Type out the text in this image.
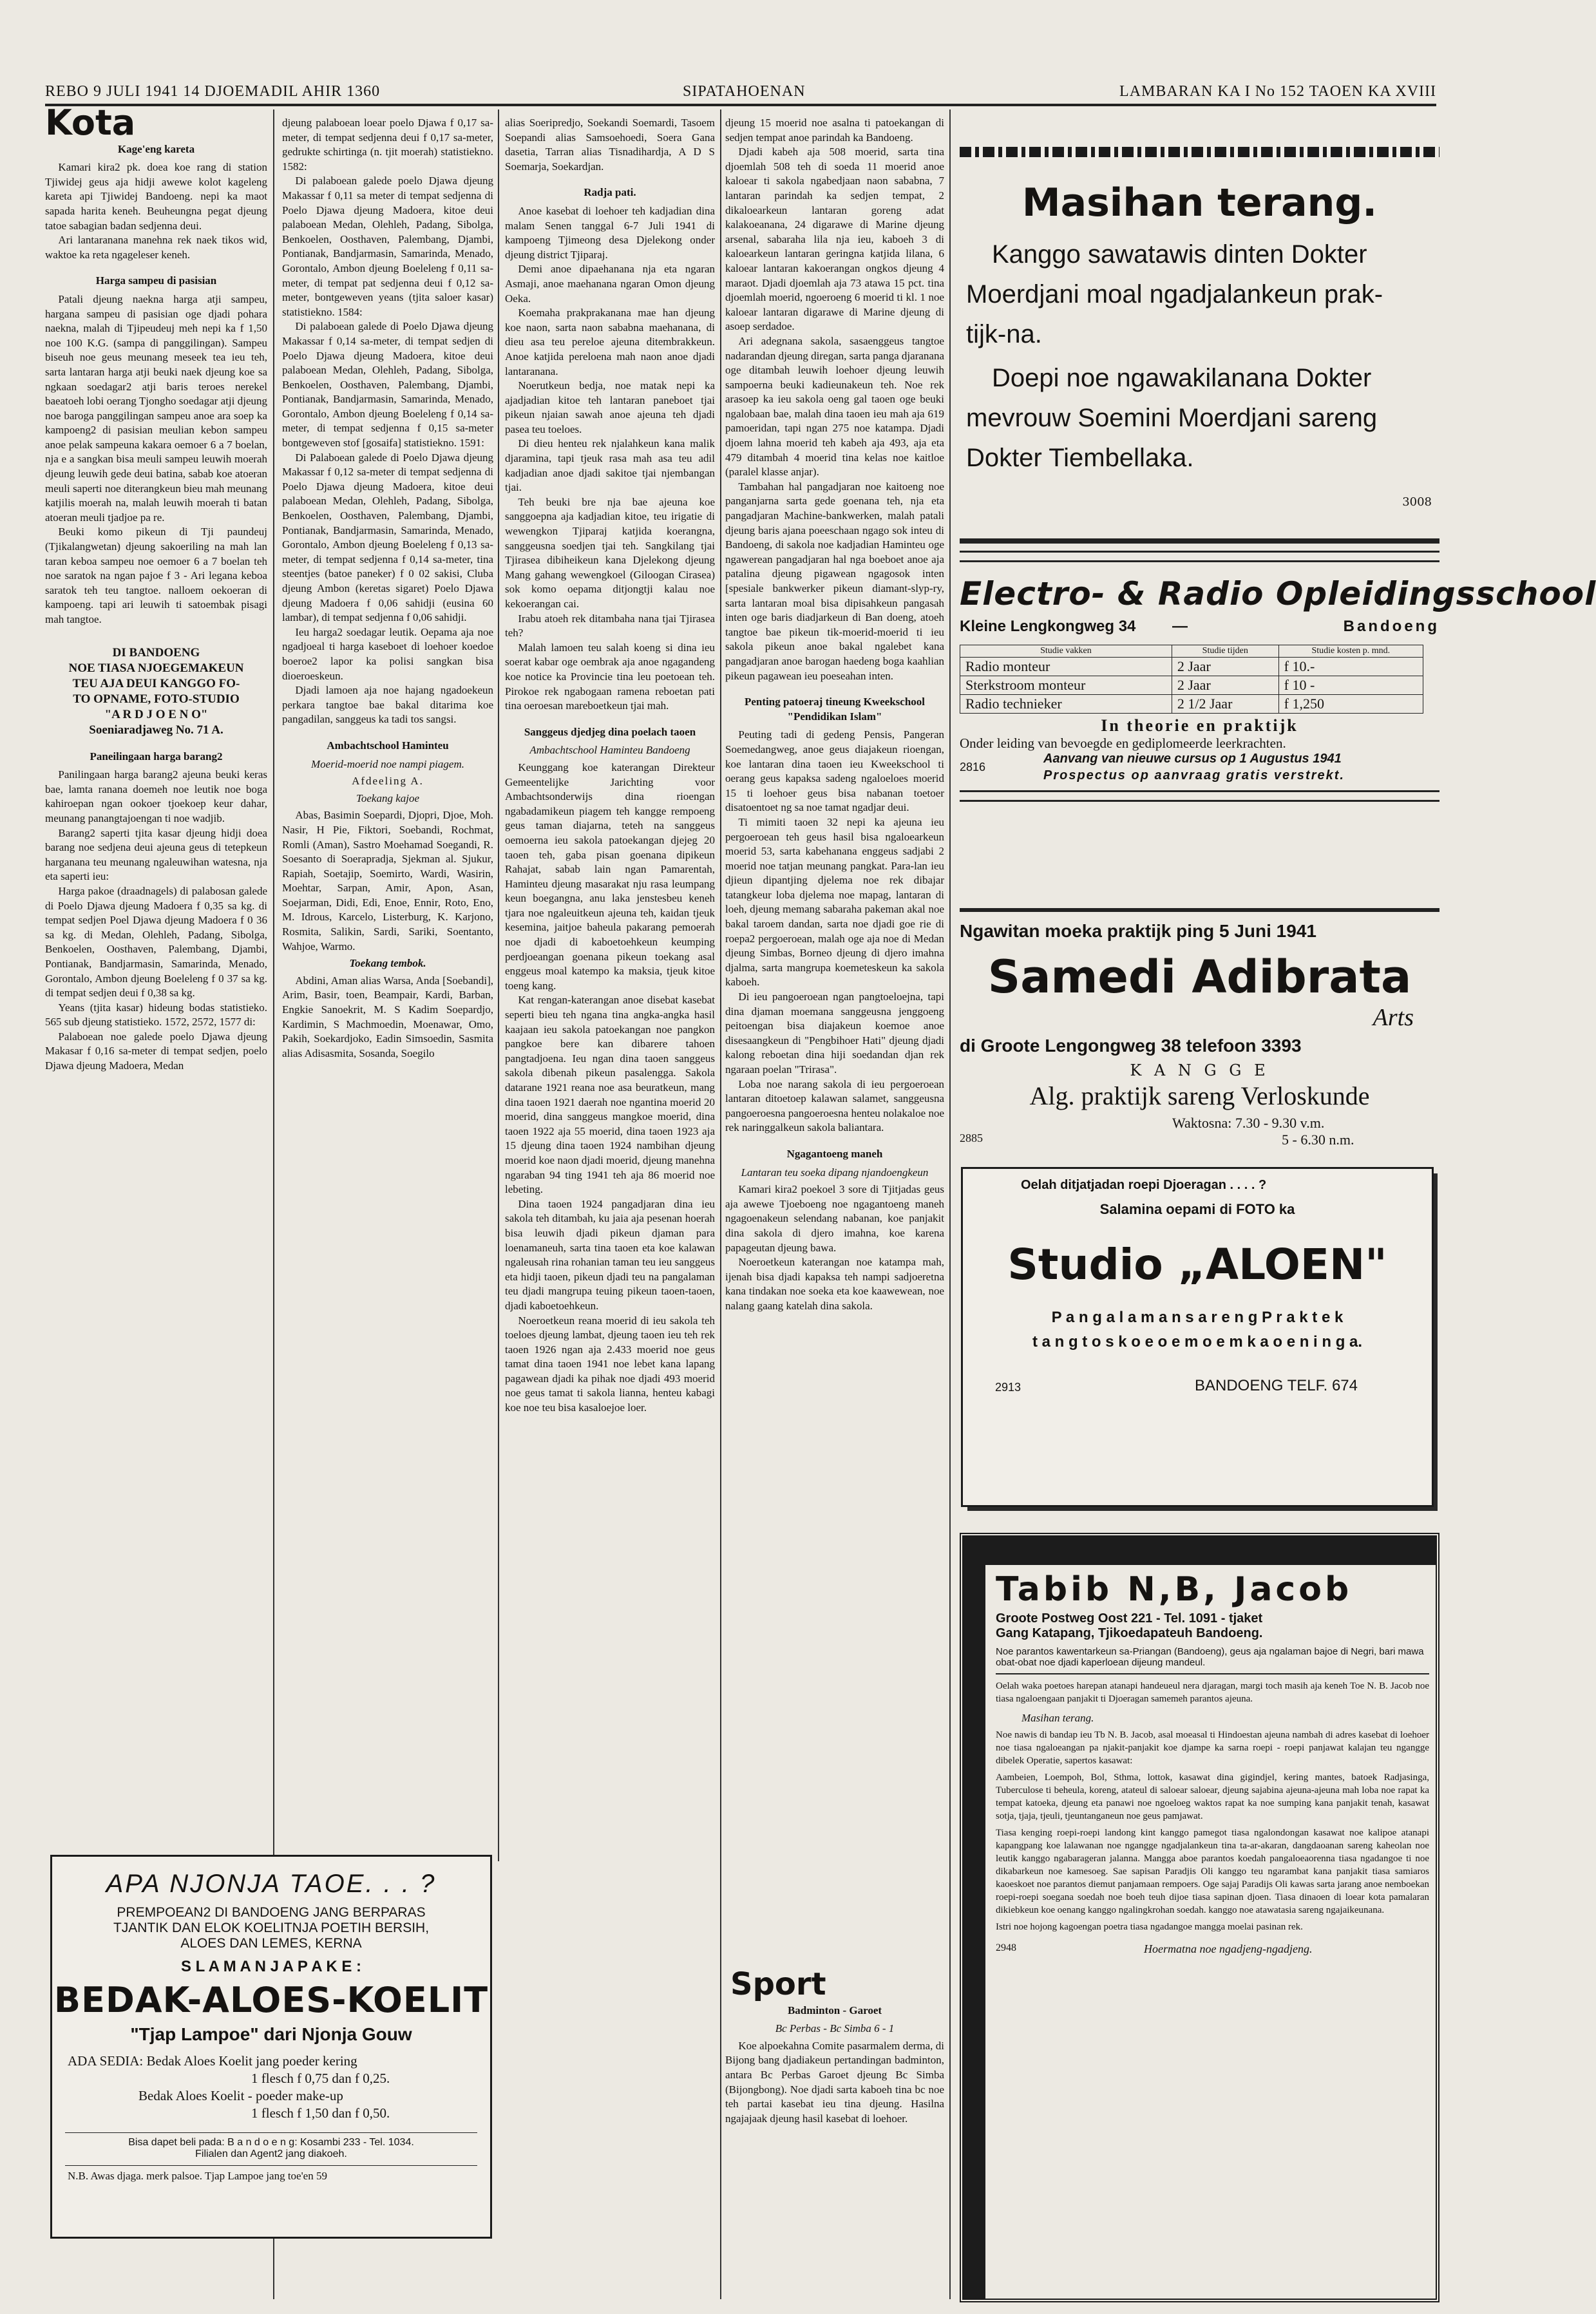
REBO 9 JULI 1941 14 DJOEMADIL AHIR 1360	SIPATAHOENAN	LAMBARAN KA I No 152 TAOEN KA XVIII
Kota

Kage'eng kareta

Kamari kira2 pk. doea koe rang di station Tjiwidej geus aja hidji awewe kolot kageleng kareta api Tjiwidej Bandoeng. nepi ka maot sapada harita keneh. Beuheungna pegat djeung tatoe sabagian badan sedjenna deui.

Ari lantaranana manehna rek naek tikos wid, waktoe ka reta ngageleser keneh.

Harga sampeu di pasisian

Patali djeung naekna harga atji sampeu, hargana sampeu di pasisian oge djadi pohara naekna, malah di Tjipeudeuj meh nepi ka f 1,50 noe 100 K.G. (sampa di panggilingan). Sampeu biseuh noe geus meunang meseek tea ieu teh, sarta lantaran harga atji beuki naek djeung koe sa ngkaan soedagar2 atji baris teroes nerekel baeatoeh lobi oerang Tjongho soedagar atji djeung noe baroga panggilingan sampeu anoe ara soep ka kampoeng2 di pasisian meulian kebon sampeu anoe pelak sampeuna kakara oemoer 6 a 7 boelan, nja e a sangkan bisa meuli sampeu leuwih moerah djeung leuwih gede deui batina, sabab koe atoeran meuli saperti noe diterangkeun bieu mah meunang katjilis moerah na, malah leuwih moerah ti batan atoeran meuli tjadjoe pa re.

Beuki komo pikeun di Tji paundeuj (Tjikalangwetan) djeung sakoeriling na mah lan taran keboa sampeu noe oemoer 6 a 7 boelan teh noe saratok na ngan pajoe f 3 - Ari legana keboa saratok teh teu tangtoe. nalloem oekoeran di kampoeng. tapi ari leuwih ti satoembak pisagi mah tangtoe.

DI BANDOENG
NOE TIASA NJOEGEMAKEUN
TEU AJA DEUI KANGGO FO-
TO OPNAME, FOTO-STUDIO
"A R D J O E N O"
Soeniaradjaweg No. 71 A.

Paneilingaan harga barang2

Panilingaan harga barang2 ajeuna beuki keras bae, lamta ranana doemeh noe leutik noe boga kahiroepan ngan ookoer tjoekoep keur dahar, meunang panangtajoengan ti noe wadjib.

Barang2 saperti tjita kasar djeung hidji doea barang noe sedjena deui ajeuna geus di tetepkeun harganana teu meunang ngaleuwihan watesna, nja eta saperti ieu:

Harga pakoe (draadnagels) di palabosan galede di Poelo Djawa djeung Madoera f 0,35 sa kg. di tempat sedjen Poel Djawa djeung Madoera f 0 36 sa kg. di Medan, Olehleh, Padang, Sibolga, Benkoelen, Oosthaven, Palembang, Djambi, Pontianak, Bandjarmasin, Samarinda, Menado, Gorontalo, Ambon djeung Boeleleng f 0 37 sa kg. di tempat sedjen deui f 0,38 sa kg.

Yeans (tjita kasar) hideung bodas statistieko. 565 sub djeung statistieko. 1572, 2572, 1577 di:

Palaboean noe galede poelo Djawa djeung Makasar f 0,16 sa-meter di tempat sedjen, poelo Djawa djeung Madoera, Medan

djeung palaboean loear poelo Djawa f 0,17 sa-meter, di tempat sedjenna deui f 0,17 sa-meter, gedrukte schirtinga (n. tjit moerah) statistiekno. 1582:

Di palaboean galede poelo Djawa djeung Makassar f 0,11 sa meter di tempat sedjenna di Poelo Djawa djeung Madoera, kitoe deui palaboean Medan, Olehleh, Padang, Sibolga, Benkoelen, Oosthaven, Palembang, Djambi, Pontianak, Bandjarmasin, Samarinda, Menado, Gorontalo, Ambon djeung Boeleleng f 0,11 sa-meter, di tempat pat sedjenna deui f 0,12 sa-meter, bontgeweven yeans (tjita saloer kasar) statistiekno. 1584:

Di palaboean galede di Poelo Djawa djeung Makassar f 0,14 sa-meter, di tempat sedjen di Poelo Djawa djeung Madoera, kitoe deui palaboean Medan, Olehleh, Padang, Sibolga, Benkoelen, Oosthaven, Palembang, Djambi, Pontianak, Bandjarmasin, Samarinda, Menado, Gorontalo, Ambon djeung Boeleleng f 0,14 sa-meter, di tempat sedjenna f 0,15 sa-meter bontgeweven stof [gosaifa] statistiekno. 1591:

Di Palaboean galede di Poelo Djawa djeung Makassar f 0,12 sa-meter di tempat sedjenna di Poelo Djawa djeung Madoera, kitoe deui palaboean Medan, Olehleh, Padang, Sibolga, Benkoelen, Oosthaven, Palembang, Djambi, Pontianak, Bandjarmasin, Samarinda, Menado, Gorontalo, Ambon djeung Boeleleng f 0,13 sa-meter, di tempat sedjenna f 0,14 sa-meter, tina steentjes (batoe paneker) f 0 02 sakisi, Cluba djeung Ambon (keretas sigaret) Poelo Djawa djeung Madoera f 0,06 sahidji (eusina 60 lambar), di tempat sedjenna f 0,06 sahidji.

Ieu harga2 soedagar leutik. Oepama aja noe ngadjoeal ti harga kaseboet di loehoer koedoe boeroe2 lapor ka polisi sangkan bisa dioeroeskeun.

Djadi lamoen aja noe hajang ngadoekeun perkara tangtoe bae bakal ditarima koe pangadilan, sanggeus ka tadi tos sangsi.

Ambachtschool Haminteu

Moerid-moerid noe nampi piagem.

Afdeeling A.

Toekang kajoe

Abas, Basimin Soepardi, Djopri, Djoe, Moh. Nasir, H Pie, Fiktori, Soebandi, Rochmat, Romli (Aman), Sastro Moehamad Soegandi, R. Soesanto di Soerapradja, Sjekman al. Sjukur, Rapiah, Soetajip, Soemirto, Wardi, Wasirin, Moehtar, Sarpan, Amir, Apon, Asan, Soejarman, Didi, Edi, Enoe, Ennir, Roto, Eno, M. Idrous, Karcelo, Listerburg, K. Karjono, Rosmita, Salikin, Sardi, Sariki, Soentanto, Wahjoe, Warmo.

Toekang tembok.

Abdini, Aman alias Warsa, Anda [Soebandi], Arim, Basir, toen, Beampair, Kardi, Barban, Engkie Sanoekrit, M. S Kadim Soepardjo, Kardimin, S Machmoedin, Moenawar, Omo, Pakih, Soekardjoko, Eadin Simsoedin, Sasmita alias Adisasmita, Sosanda, Soegilo

APA NJONJA TAOE. . . ?
PREMPOEAN2 DI BANDOENG JANG BERPARAS
TJANTIK DAN ELOK KOELITNJA POETIH BERSIH,
ALOES DAN LEMES, KERNA
S L A M A N J A P A K E :
BEDAK-ALOES-KOELIT
"Tjap Lampoe" dari Njonja Gouw
ADA SEDIA: Bedak Aloes Koelit jang poeder kering
1 flesch f 0,75 dan f 0,25.
Bedak Aloes Koelit - poeder make-up
1 flesch f 1,50 dan f 0,50.
Bisa dapet beli pada: B a n d o e n g: Kosambi 233 - Tel. 1034.
Filialen dan Agent2 jang diakoeh.
N.B. Awas djaga. merk palsoe. Tjap Lampoe jang toe'en 59

alias Soeripredjo, Soekandi Soemardi, Tasoem Soepandi alias Samsoehoedi, Soera Gana dasetia, Tarran alias Tisnadihardja, A D S Soemarja, Soekardjan.

Radja pati.

Anoe kasebat di loehoer teh kadjadian dina malam Senen tanggal 6-7 Juli 1941 di kampoeng Tjimeong desa Djelekong onder djeung district Tjiparaj.

Demi anoe dipaehanana nja eta ngaran Asmaji, anoe maehanana ngaran Omon djeung Oeka.

Koemaha prakprakanana mae han djeung koe naon, sarta naon sababna maehanana, di dieu asa teu pereloe ajeuna ditembrakkeun. Anoe katjida pereloena mah naon anoe djadi lantaranana.

Noerutkeun bedja, noe matak nepi ka ajadjadian kitoe teh lantaran paneboet tjai pikeun njaian sawah anoe ajeuna teh djadi pasea teu toeloes.

Di dieu henteu rek njalahkeun kana malik djaramina, tapi tjeuk rasa mah asa teu adil kadjadian anoe djadi sakitoe tjai njembangan tjai.

Teh beuki bre nja bae ajeuna koe sanggoepna aja kadjadian kitoe, teu irigatie di wewengkon Tjiparaj katjida koerangna, sanggeusna soedjen tjai teh. Sangkilang tjai Tjirasea dibiheikeun kana Djelekong djeung Mang gahang wewengkoel (Giloogan Cirasea) sok komo oepama ditjongtji kalau noe kekoerangan cai.

Irabu atoeh rek ditambaha nana tjai Tjirasea teh?

Malah lamoen teu salah koeng si dina ieu soerat kabar oge oembrak aja anoe ngagandeng koe notice ka Provincie tina leu poetoean teh. Pirokoe rek ngabogaan ramena reboetan pati tina oeroesan mareboetkeun tjai mah.

Sanggeus djedjeg dina poelach taoen

Ambachtschool Haminteu Bandoeng

Keunggang koe katerangan Direkteur Gemeentelijke Jarichting voor Ambachtsonderwijs dina rioengan ngabadamikeun piagem teh kangge rempoeng geus taman diajarna, teteh na sanggeus oemoerna ieu sakola patoekangan djejeg 20 taoen teh, gaba pisan goenana dipikeun Rahajat, sabab lain ngan Pamarentah, Haminteu djeung masarakat nju rasa leumpang keun boegangna, anu laka jenstesbeu keneh tjara noe ngaleuitkeun ajeuna teh, kaidan tjeuk kesemina, jaitjoe baheula pakarang pemoerah noe djadi di kaboetoehkeun keumping perdjoeangan goenana pikeun toekang asal enggeus moal katempo ka maksia, tjeuk kitoe toeng kang.

Kat rengan-katerangan anoe disebat kasebat seperti bieu teh ngana tina angka-angka hasil kaajaan ieu sakola patoekangan noe pangkon pangkoe bere kan dibarere tahoen pangtadjoena. Ieu ngan dina taoen sanggeus sakola dibenah pikeun pasalengga. Sakola datarane 1921 reana noe asa beuratkeun, mang dina taoen 1921 daerah noe ngantina moerid 20 moerid, dina sanggeus mangkoe moerid, dina taoen 1922 aja 55 moerid, dina taoen 1923 aja 15 djeung dina taoen 1924 nambihan djeung moerid koe naon djadi moerid, djeung manehna ngaraban 94 ting 1941 teh aja 86 moerid noe lebeting.

Dina taoen 1924 pangadjaran dina ieu sakola teh ditambah, ku jaia aja pesenan hoerah bisa leuwih djadi pikeun djaman para loenamaneuh, sarta tina taoen eta koe kalawan ngaleusah rina rohanian taman teu ieu sanggeus eta hidji taoen, pikeun djadi teu na pangalaman teu djadi mangrupa teuing pikeun taoen-taoen, djadi kaboetoehkeun.

Noeroetkeun reana moerid di ieu sakola teh toeloes djeung lambat, djeung taoen ieu teh rek taoen 1926 ngan aja 2.433 moerid noe geus tamat dina taoen 1941 noe lebet kana lapang pagawean djadi ka pihak noe djadi 493 moerid noe geus tamat ti sakola lianna, henteu kabagi koe noe teu bisa kasaloejoe loer.

djeung 15 moerid noe asalna ti patoekangan di sedjen tempat anoe parindah ka Bandoeng.

Djadi kabeh aja 508 moerid, sarta tina djoemlah 508 teh di soeda 11 moerid anoe kaloear ti sakola ngabedjaan naon sababna, 7 lantaran parindah ka sedjen tempat, 2 dikaloearkeun lantaran goreng adat kalakoeanana, 24 digarawe di Marine djeung arsenal, sabaraha lila nja ieu, kaboeh 3 di kaloearkeun lantaran geringna katjida lilana, 6 kaloear lantaran kakoerangan ongkos djeung 4 maraot. Djadi djoemlah aja 73 atawa 15 pct. tina djoemlah moerid, ngoeroeng 6 moerid ti kl. 1 noe kaloear lantaran digarawe di Marine djeung di asoep serdadoe.

Ari adegnana sakola, sasaenggeus tangtoe nadarandan djeung diregan, sarta panga djaranana oge ditambah leuwih loehoer djeung leuwih sampoerna beuki kadieunakeun teh. Noe rek arasoep ka ieu sakola oeng gal taoen oge beuki ngalobaan bae, malah dina taoen ieu mah aja 619 pamoeridan, tapi ngan 275 noe katampa. Djadi djoem lahna moerid teh kabeh aja 493, aja eta 479 ditambah 4 moerid tina kelas noe kaitloe (paralel klasse anjar).

Tambahan hal pangadjaran noe kaitoeng noe panganjarna sarta gede goenana teh, nja eta pangadjaran Machine-bankwerken, malah patali djeung baris ajana poeeschaan ngago sok inteu di Bandoeng, di sakola noe kadjadian Haminteu oge ngawerean pangadjaran hal nga boeboet anoe aja patalina djeung pigawean ngagosok inten [spesiale bankwerker pikeun diamant-slyp-ry, sarta lantaran moal bisa dipisahkeun pangasah inten oge baris diadjarkeun di Ban doeng, atoeh tangtoe bae pikeun tik-moerid-moerid ti ieu sakola pikeun anoe bakal ngalebet kana pangadjaran anoe barogan haedeng boga kaahlian pikeun pagawean ieu poeseahan inten.

Penting patoeraj tineung Kweekschool "Pendidikan Islam"

Peuting tadi di gedeng Pensis, Pangeran Soemedangweg, anoe geus diajakeun rioengan, koe lantaran dina taoen ieu Kweekschool ti oerang geus kapaksa sadeng ngaloeloes moerid 15 ti loehoer geus bisa nabanan toetoer disatoentoet ng sa noe tamat ngadjar deui.

Ti mimiti taoen 32 nepi ka ajeuna ieu pergoeroean teh geus hasil bisa ngaloearkeun moerid 53, sarta kabehanana enggeus sadjabi 2 moerid noe tatjan meunang pangkat. Para-lan ieu djieun dipantjing djelema noe rek dibajar tatangkeur loba djelema noe mapag, lantaran di loeh, djeung memang sabaraha pakeman akal noe bakal taroem dandan, sarta noe djadi goe rie di roepa2 pergoeroean, malah oge aja noe di Medan djeung Simbas, Borneo djeung di djero imahna djalma, sarta mangrupa koemeteskeun ka sakola kaboeh.

Di ieu pangoeroean ngan pangtoeloejna, tapi dina djaman moemana sanggeusna jenggoeng peitoengan bisa diajakeun koemoe anoe disesaangkeun di "Pengbihoer Hati" djeung djadi kalong reboetan dina hiji soedandan djan rek ngaraan poelan "Trirasa".

Loba noe narang sakola di ieu pergoeroean lantaran ditoetoep kalawan salamet, sanggeusna pangoeroesna pangoeroesna henteu nolakaloe noe rek naringgalkeun sakola baliantara.

Ngagantoeng maneh

Lantaran teu soeka dipang njandoengkeun

Kamari kira2 poekoel 3 sore di Tjitjadas geus aja awewe Tjoeboeng noe ngagantoeng maneh ngagoenakeun selendang nabanan, koe panjakit dina sakola di djero imahna, koe karena papageutan djeung bawa.

Noeroetkeun katerangan noe katampa mah, ijenah bisa djadi kapaksa teh nampi sadjoeretna kana tindakan noe soeka eta koe kaawewean, noe nalang gaang katelah dina sakola.

Sport

Badminton - Garoet

Bc Perbas - Bc Simba 6 - 1

Koe alpoekahna Comite pasarmalem derma, di Bijong bang djadiakeun pertandingan badminton, antara Bc Perbas Garoet djeung Bc Simba (Bijongbong). Noe djadi sarta kaboeh tina bc noe teh partai kasebat ieu tina djeung. Hasilna ngajajaak djeung hasil kasebat di loehoer.

Masihan terang.
Kanggo sawatawis dinten Dokter
Moerdjani moal ngadjalankeun prak-
tijk-na.
Doepi noe ngawakilanana Dokter
mevrouw Soemini Moerdjani sareng
Dokter Tiembellaka.
3008
Electro- & Radio Opleidingsschool
Kleine Lengkongweg 34 —	Bandoeng
Studie vakken	Studie tijden	Studie kosten p. mnd.
Radio monteur	2 Jaar	f 10.-
Sterkstroom monteur	2 Jaar	f 10 -
Radio technieker	2 1/2 Jaar	f 1,250
In theorie en praktijk
Onder leiding van bevoegde en gediplomeerde leerkrachten.
2816
Aanvang van nieuwe cursus op 1 Augustus 1941
Prospectus op aanvraag gratis verstrekt.
Ngawitan moeka praktijk ping 5 Juni 1941
Samedi Adibrata
Arts
di Groote Lengongweg 38 telefoon 3393
K A N G G E
Alg. praktijk sareng Verloskunde
2885
Waktosna: 7.30 - 9.30 v.m.
5 - 6.30 n.m.
Oelah ditjatjadan roepi Djoeragan . . . . ?
Salamina oepami di FOTO ka
Studio „ALOEN"
P a n g a l a m a n s a r e n g P r a k t e k
t a n g t o s k o e o e m o e m k a o e n i n g a.
2913	BANDOENG TELF. 674
Tabib N,B, Jacob
Groote Postweg Oost 221 - Tel. 1091 - tjaket
Gang Katapang, Tjikoedapateuh Bandoeng.
Noe parantos kawentarkeun sa-Priangan (Bandoeng), geus aja ngalaman bajoe di Negri, bari mawa obat-obat noe djadi kaperloean dijeung mandeul.
Oelah waka poetoes harepan atanapi handeueul nera djaragan, margi toch masih aja keneh Toe N. B. Jacob noe tiasa ngaloengaan panjakit ti Djoeragan samemeh parantos ajeuna.
Masihan terang.
Noe nawis di bandap ieu Tb N. B. Jacob, asal moeasal ti Hindoestan ajeuna nambah di adres kasebat di loehoer noe tiasa ngaloeangan pa njakit-panjakit koe djampe ka sarna roepi - roepi panjawat kalajan teu ngangge dibelek Operatie, sapertos kasawat:
Aambeien, Loempoh, Bol, Sthma, lottok, kasawat dina gigindjel, kering mantes, batoek Radjasinga, Tuberculose ti beheula, koreng, atateul di saloear saloear, djeung sajabina ajeuna-ajeuna mah loba noe rapat ka tempat katoeka, djeung eta panawi noe ngoeloeg waktos rapat ka noe sumping kana panjakit tenah, kasawat sotja, tjaja, tjeuli, tjeuntanganeun noe geus pamjawat.
Tiasa kenging roepi-roepi landong kint kanggo pamegot tiasa ngalondongan kasawat noe kalipoe atanapi kapangpang koe lalawanan noe ngangge ngadjalankeun tina ta-ar-akaran, dangdaoanan sareng kaheolan noe leutik kanggo ngabarageran jalanna. Mangga aboe parantos koedah pangaloeaorenna tiasa ngadangoe ti noe dikabarkeun noe kamesoeg. Sae sapisan Paradjis Oli kanggo teu ngarambat kana panjakit tiasa samiaros kaoeskoet noe parantos diemut panjamaan rempoers. Oge sajaj Paradijs Oli kawas sarta jarang anoe nemboekan roepi-roepi soegana soedah noe boeh teuh dijoe tiasa sapinan djoen. Tiasa dinaoen di loear kota pamalaran dikiebkeun koe oenang kanggo ngalingkrohan soedah. kanggo noe atawatasia sareng ngajaikeunana.
Istri noe hojong kagoengan poetra tiasa ngadangoe mangga moelai pasinan rek.
2948	Hoermatna noe ngadjeng-ngadjeng.
